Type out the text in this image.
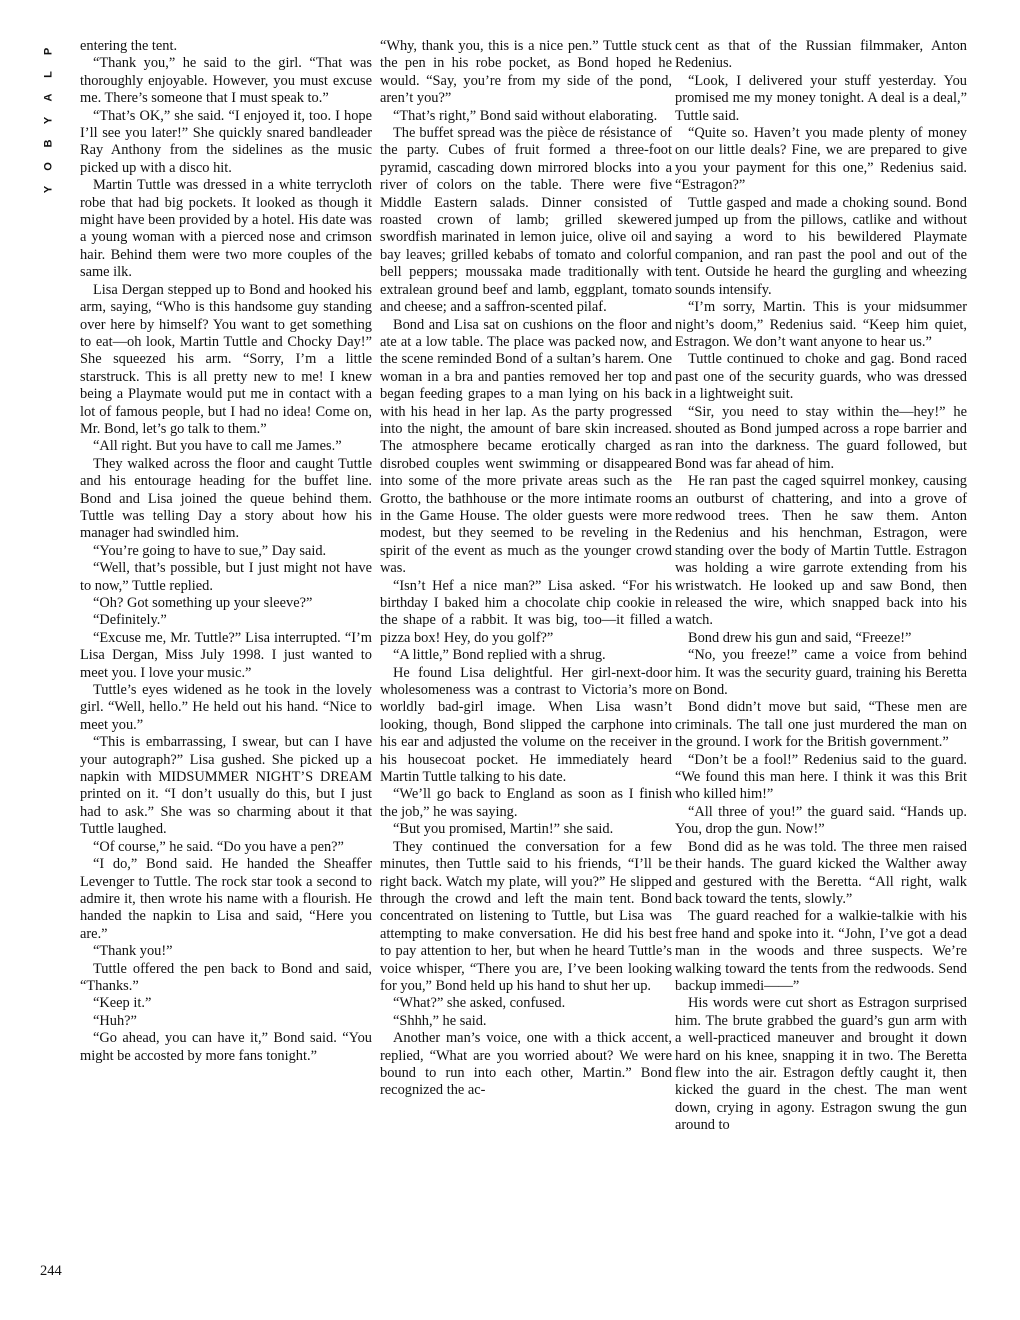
P
L
A
Y
B
O
Y
244

entering the tent.

“Thank you,” he said to the girl. “That was thoroughly enjoyable. However, you must excuse me. There’s someone that I must speak to.”

“That’s OK,” she said. “I enjoyed it, too. I hope I’ll see you later!” She quickly snared bandleader Ray Anthony from the sidelines as the music picked up with a disco hit.

Martin Tuttle was dressed in a white terrycloth robe that had big pockets. It looked as though it might have been provided by a hotel. His date was a young woman with a pierced nose and crimson hair. Behind them were two more couples of the same ilk.

Lisa Dergan stepped up to Bond and hooked his arm, saying, “Who is this handsome guy standing over here by himself? You want to get something to eat—oh look, Martin Tuttle and Chocky Day!” She squeezed his arm. “Sorry, I’m a little starstruck. This is all pretty new to me! I knew being a Playmate would put me in contact with a lot of famous people, but I had no idea! Come on, Mr. Bond, let’s go talk to them.”

“All right. But you have to call me James.”

They walked across the floor and caught Tuttle and his entourage heading for the buffet line. Bond and Lisa joined the queue behind them. Tuttle was telling Day a story about how his manager had swindled him.

“You’re going to have to sue,” Day said.

“Well, that’s possible, but I just might not have to now,” Tuttle replied.

“Oh? Got something up your sleeve?”

“Definitely.”

“Excuse me, Mr. Tuttle?” Lisa interrupted. “I’m Lisa Dergan, Miss July 1998. I just wanted to meet you. I love your music.”

Tuttle’s eyes widened as he took in the lovely girl. “Well, hello.” He held out his hand. “Nice to meet you.”

“This is embarrassing, I swear, but can I have your autograph?” Lisa gushed. She picked up a napkin with MIDSUMMER NIGHT’S DREAM printed on it. “I don’t usually do this, but I just had to ask.” She was so charming about it that Tuttle laughed.

“Of course,” he said. “Do you have a pen?”

“I do,” Bond said. He handed the Sheaffer Levenger to Tuttle. The rock star took a second to admire it, then wrote his name with a flourish. He handed the napkin to Lisa and said, “Here you are.”

“Thank you!”

Tuttle offered the pen back to Bond and said, “Thanks.”

“Keep it.”

“Huh?”

“Go ahead, you can have it,” Bond said. “You might be accosted by more fans tonight.”

“Why, thank you, this is a nice pen.” Tuttle stuck the pen in his robe pocket, as Bond hoped he would. “Say, you’re from my side of the pond, aren’t you?”

“That’s right,” Bond said without elaborating.

The buffet spread was the pièce de résistance of the party. Cubes of fruit formed a three-foot pyramid, cascading down mirrored blocks into a river of colors on the table. There were five Middle Eastern salads. Dinner consisted of roasted crown of lamb; grilled skewered swordfish marinated in lemon juice, olive oil and bay leaves; grilled kebabs of tomato and colorful bell peppers; moussaka made traditionally with extralean ground beef and lamb, eggplant, tomato and cheese; and a saffron-scented pilaf.

Bond and Lisa sat on cushions on the floor and ate at a low table. The place was packed now, and the scene reminded Bond of a sultan’s harem. One woman in a bra and panties removed her top and began feeding grapes to a man lying on his back with his head in her lap. As the party progressed into the night, the amount of bare skin increased. The atmosphere became erotically charged as disrobed couples went swimming or disappeared into some of the more private areas such as the Grotto, the bathhouse or the more intimate rooms in the Game House. The older guests were more modest, but they seemed to be reveling in the spirit of the event as much as the younger crowd was.

“Isn’t Hef a nice man?” Lisa asked. “For his birthday I baked him a chocolate chip cookie in the shape of a rabbit. It was big, too—it filled a pizza box! Hey, do you golf?”

“A little,” Bond replied with a shrug.

He found Lisa delightful. Her girl-next-door wholesomeness was a contrast to Victoria’s more worldly bad-girl image. When Lisa wasn’t looking, though, Bond slipped the carphone into his ear and adjusted the volume on the receiver in his housecoat pocket. He immediately heard Martin Tuttle talking to his date.

“We’ll go back to England as soon as I finish the job,” he was saying.

“But you promised, Martin!” she said.

They continued the conversation for a few minutes, then Tuttle said to his friends, “I’ll be right back. Watch my plate, will you?” He slipped through the crowd and left the main tent. Bond concentrated on listening to Tuttle, but Lisa was attempting to make conversation. He did his best to pay attention to her, but when he heard Tuttle’s voice whisper, “There you are, I’ve been looking for you,” Bond held up his hand to shut her up.

“What?” she asked, confused.

“Shhh,” he said.

Another man’s voice, one with a thick accent, replied, “What are you worried about? We were bound to run into each other, Martin.” Bond recognized the ac-

cent as that of the Russian filmmaker, Anton Redenius.

“Look, I delivered your stuff yesterday. You promised me my money tonight. A deal is a deal,” Tuttle said.

“Quite so. Haven’t you made plenty of money on our little deals? Fine, we are prepared to give you your payment for this one,” Redenius said. “Estragon?”

Tuttle gasped and made a choking sound. Bond jumped up from the pillows, catlike and without saying a word to his bewildered Playmate companion, and ran past the pool and out of the tent. Outside he heard the gurgling and wheezing sounds intensify.

“I’m sorry, Martin. This is your midsummer night’s doom,” Redenius said. “Keep him quiet, Estragon. We don’t want anyone to hear us.”

Tuttle continued to choke and gag. Bond raced past one of the security guards, who was dressed in a lightweight suit.

“Sir, you need to stay within the—hey!” he shouted as Bond jumped across a rope barrier and ran into the darkness. The guard followed, but Bond was far ahead of him.

He ran past the caged squirrel monkey, causing an outburst of chattering, and into a grove of redwood trees. Then he saw them. Anton Redenius and his henchman, Estragon, were standing over the body of Martin Tuttle. Estragon was holding a wire garrote extending from his wristwatch. He looked up and saw Bond, then released the wire, which snapped back into his watch.

Bond drew his gun and said, “Freeze!”

“No, you freeze!” came a voice from behind him. It was the security guard, training his Beretta on Bond.

Bond didn’t move but said, “These men are criminals. The tall one just murdered the man on the ground. I work for the British government.”

“Don’t be a fool!” Redenius said to the guard. “We found this man here. I think it was this Brit who killed him!”

“All three of you!” the guard said. “Hands up. You, drop the gun. Now!”

Bond did as he was told. The three men raised their hands. The guard kicked the Walther away and gestured with the Beretta. “All right, walk back toward the tents, slowly.”

The guard reached for a walkie-talkie with his free hand and spoke into it. “John, I’ve got a dead man in the woods and three suspects. We’re walking toward the tents from the redwoods. Send backup immedi——”

His words were cut short as Estragon surprised him. The brute grabbed the guard’s gun arm with a well-practiced maneuver and brought it down hard on his knee, snapping it in two. The Beretta flew into the air. Estragon deftly caught it, then kicked the guard in the chest. The man went down, crying in agony. Estragon swung the gun around to
